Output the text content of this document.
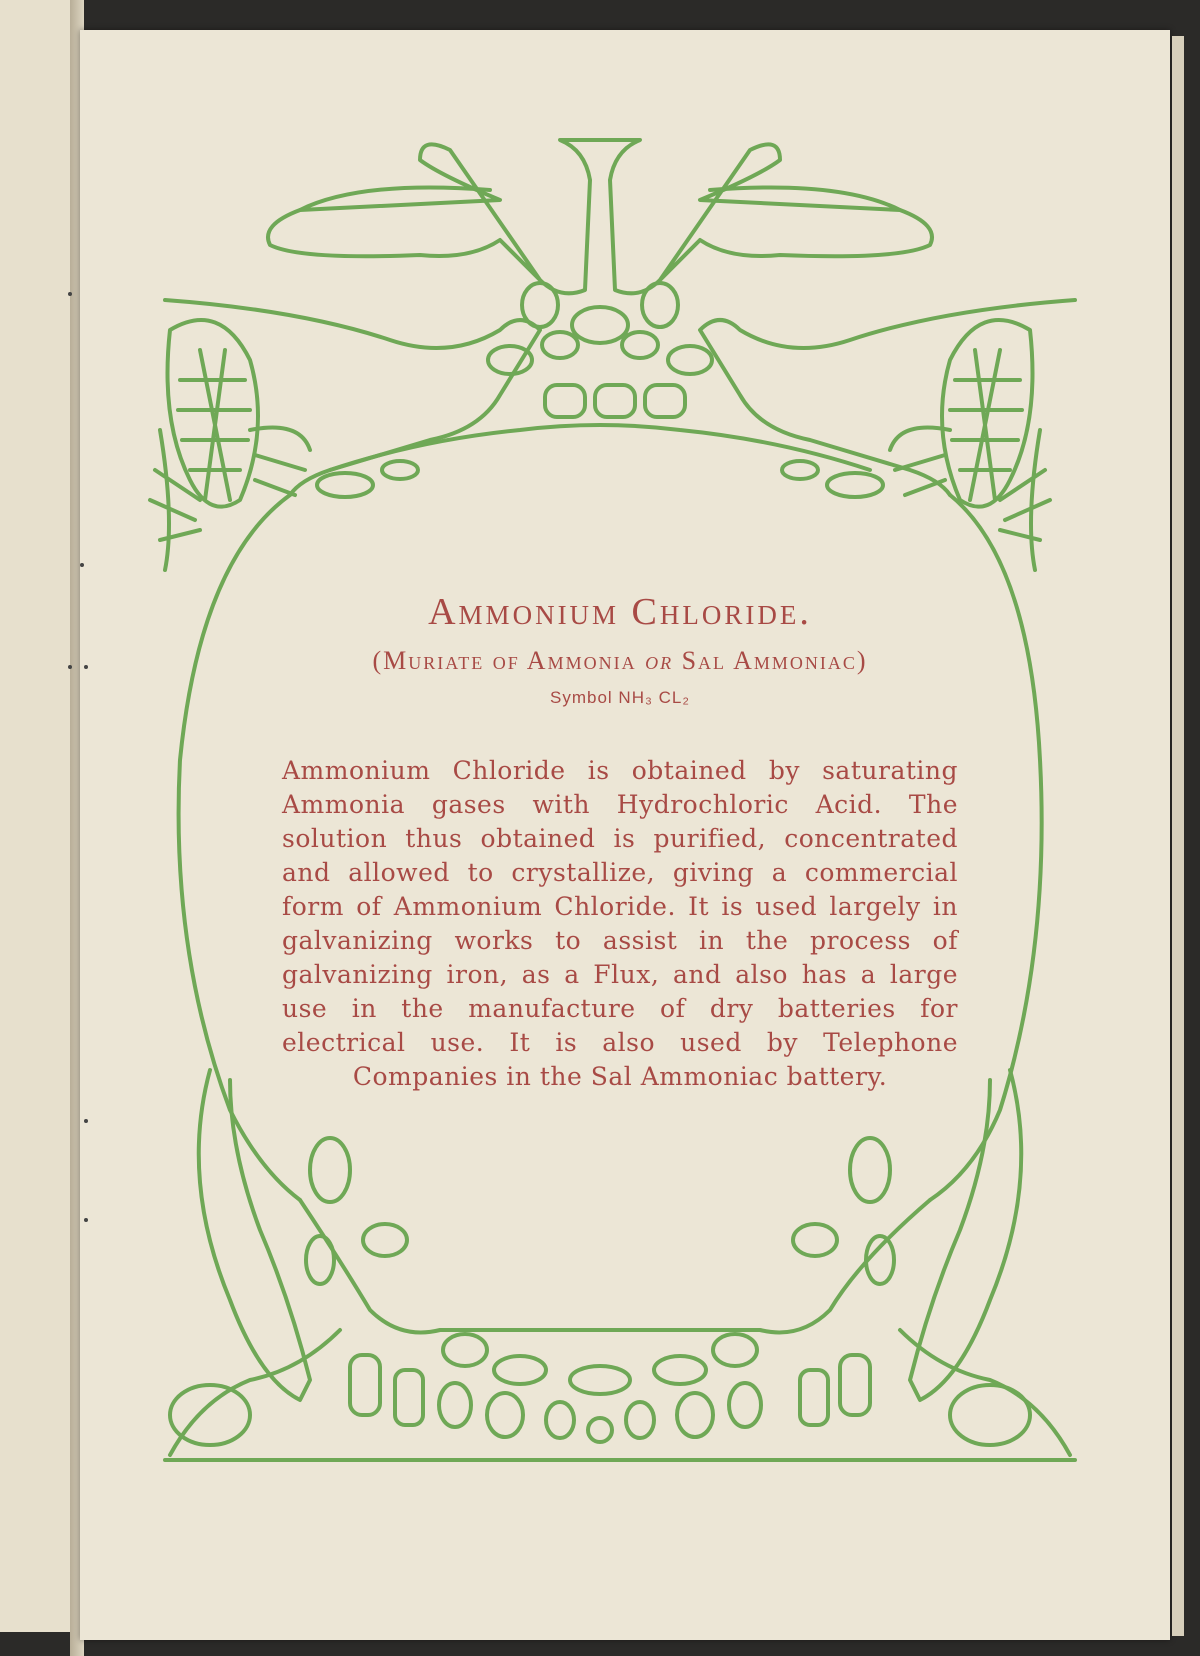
Ammonium Chloride.

(Muriate of Ammonia or Sal Ammoniac)

Symbol NH₃ CL₂

Ammonium Chloride is obtained by saturating Ammonia gases with Hydrochloric Acid. The solution thus obtained is purified, concentrated and allowed to crystallize, giving a commercial form of Ammonium Chloride. It is used largely in galvanizing works to assist in the process of galvanizing iron, as a Flux, and also has a large use in the manufacture of dry batteries for electrical use. It is also used by Telephone Companies in the Sal Ammoniac battery.
